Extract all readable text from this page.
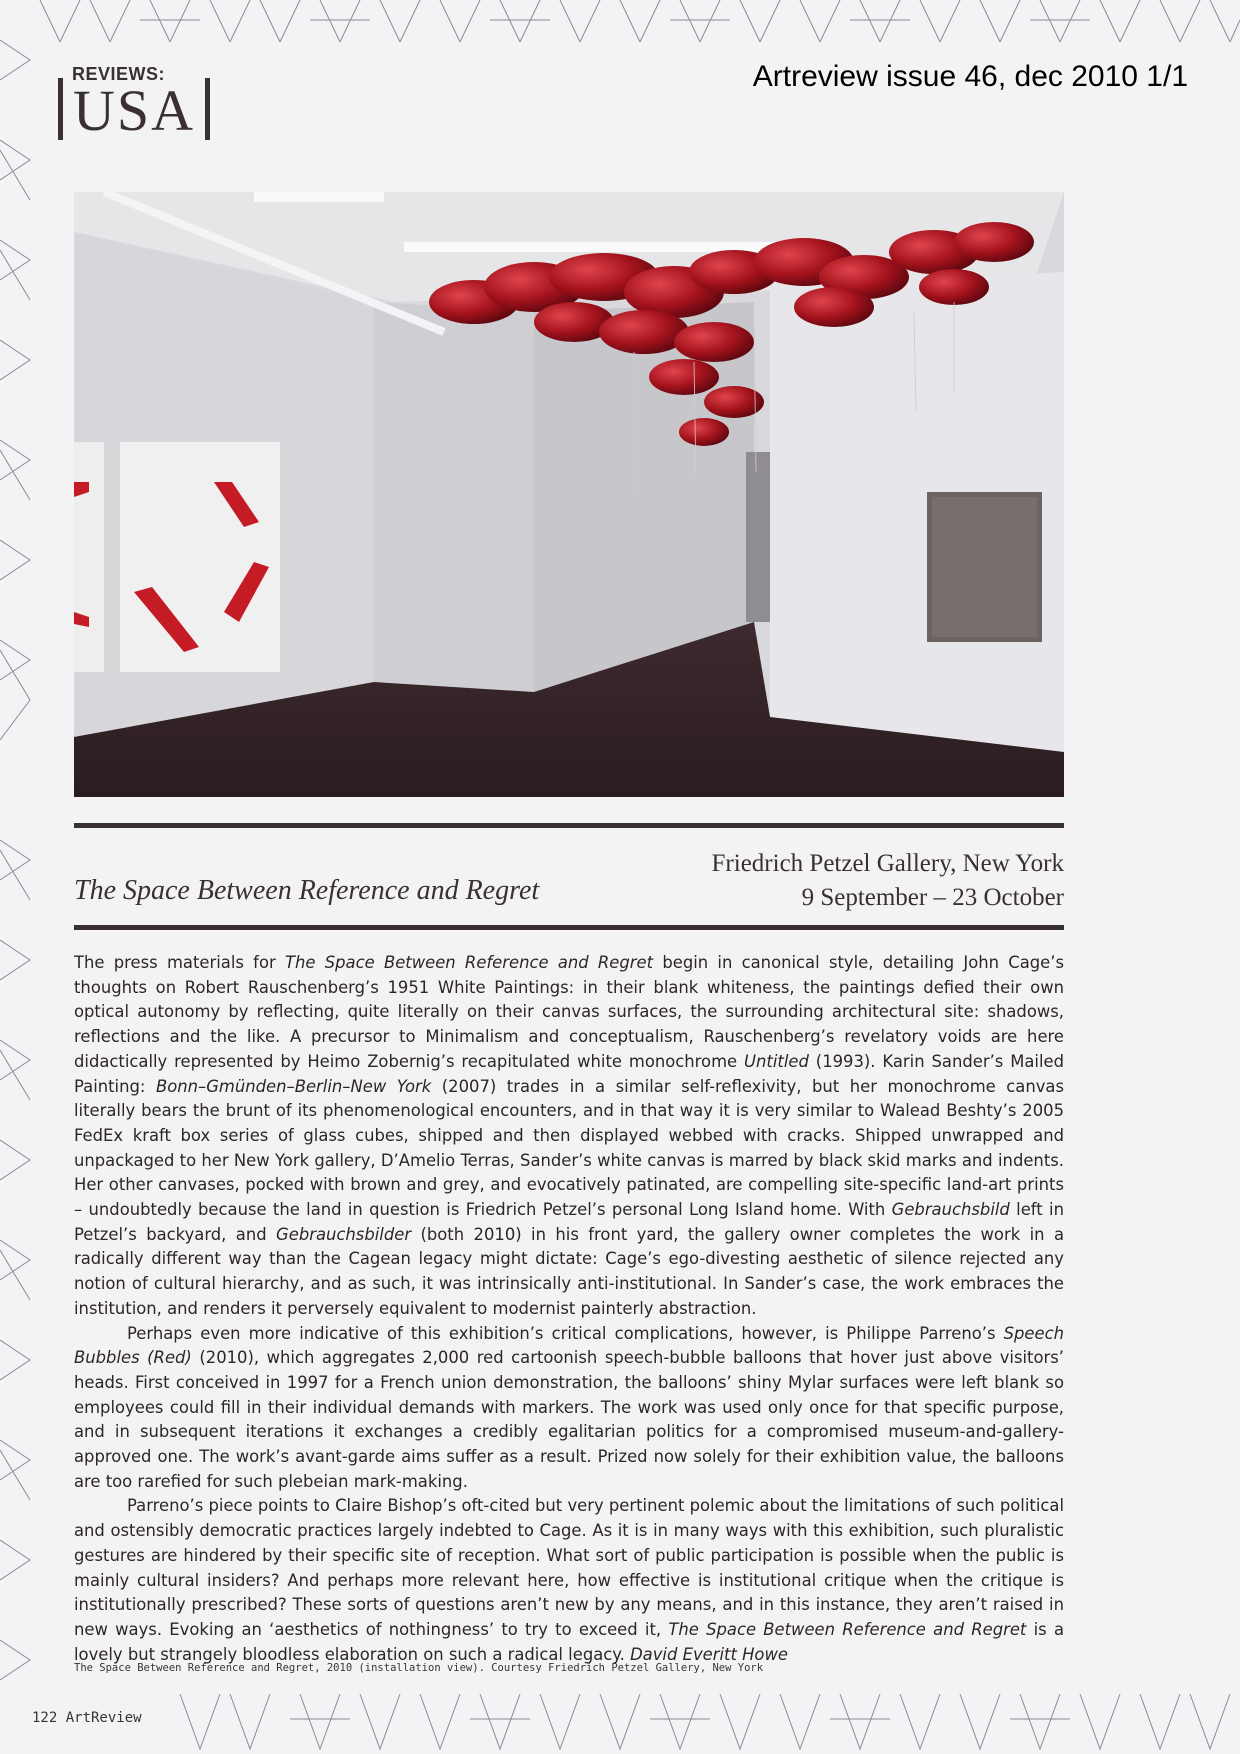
REVIEWS:
USA
Artreview issue 46, dec 2010 1/1
The Space Between Reference and Regret
Friedrich Petzel Gallery, New York
9 September – 23 October

The press materials for The Space Between Reference and Regret begin in canonical style, detailing John Cage’s thoughts on Robert Rauschenberg’s 1951 White Paintings: in their blank whiteness, the paintings defied their own optical autonomy by reflecting, quite literally on their canvas surfaces, the surrounding architectural site: shadows, reflections and the like. A precursor to Minimalism and conceptualism, Rauschenberg’s revelatory voids are here didactically represented by Heimo Zobernig’s recapitulated white monochrome Untitled (1993). Karin Sander’s Mailed Painting: Bonn–Gmünden–Berlin–New York (2007) trades in a similar self-reflexivity, but her monochrome canvas literally bears the brunt of its phenomenological encounters, and in that way it is very similar to Walead Beshty’s 2005 FedEx kraft box series of glass cubes, shipped and then displayed webbed with cracks. Shipped unwrapped and unpackaged to her New York gallery, D’Amelio Terras, Sander’s white canvas is marred by black skid marks and indents. Her other canvases, pocked with brown and grey, and evocatively patinated, are compelling site-specific land-art prints – undoubtedly because the land in question is Friedrich Petzel’s personal Long Island home. With Gebrauchsbild left in Petzel’s backyard, and Gebrauchsbilder (both 2010) in his front yard, the gallery owner completes the work in a radically different way than the Cagean legacy might dictate: Cage’s ego-divesting aesthetic of silence rejected any notion of cultural hierarchy, and as such, it was intrinsically anti-institutional. In Sander’s case, the work embraces the institution, and renders it perversely equivalent to modernist painterly abstraction.

Perhaps even more indicative of this exhibition’s critical complications, however, is Philippe Parreno’s Speech Bubbles (Red) (2010), which aggregates 2,000 red cartoonish speech-bubble balloons that hover just above visitors’ heads. First conceived in 1997 for a French union demonstration, the balloons’ shiny Mylar surfaces were left blank so employees could fill in their individual demands with markers. The work was used only once for that specific purpose, and in subsequent iterations it exchanges a credibly egalitarian politics for a compromised museum-and-gallery-approved one. The work’s avant-garde aims suffer as a result. Prized now solely for their exhibition value, the balloons are too rarefied for such plebeian mark-making.

Parreno’s piece points to Claire Bishop’s oft-cited but very pertinent polemic about the limitations of such political and ostensibly democratic practices largely indebted to Cage. As it is in many ways with this exhibition, such pluralistic gestures are hindered by their specific site of reception. What sort of public participation is possible when the public is mainly cultural insiders? And perhaps more relevant here, how effective is institutional critique when the critique is institutionally prescribed? These sorts of questions aren’t new by any means, and in this instance, they aren’t raised in new ways. Evoking an ‘aesthetics of nothingness’ to try to exceed it, The Space Between Reference and Regret is a lovely but strangely bloodless elaboration on such a radical legacy. David Everitt Howe

The Space Between Reference and Regret, 2010 (installation view). Courtesy Friedrich Petzel Gallery, New York
122 ArtReview
